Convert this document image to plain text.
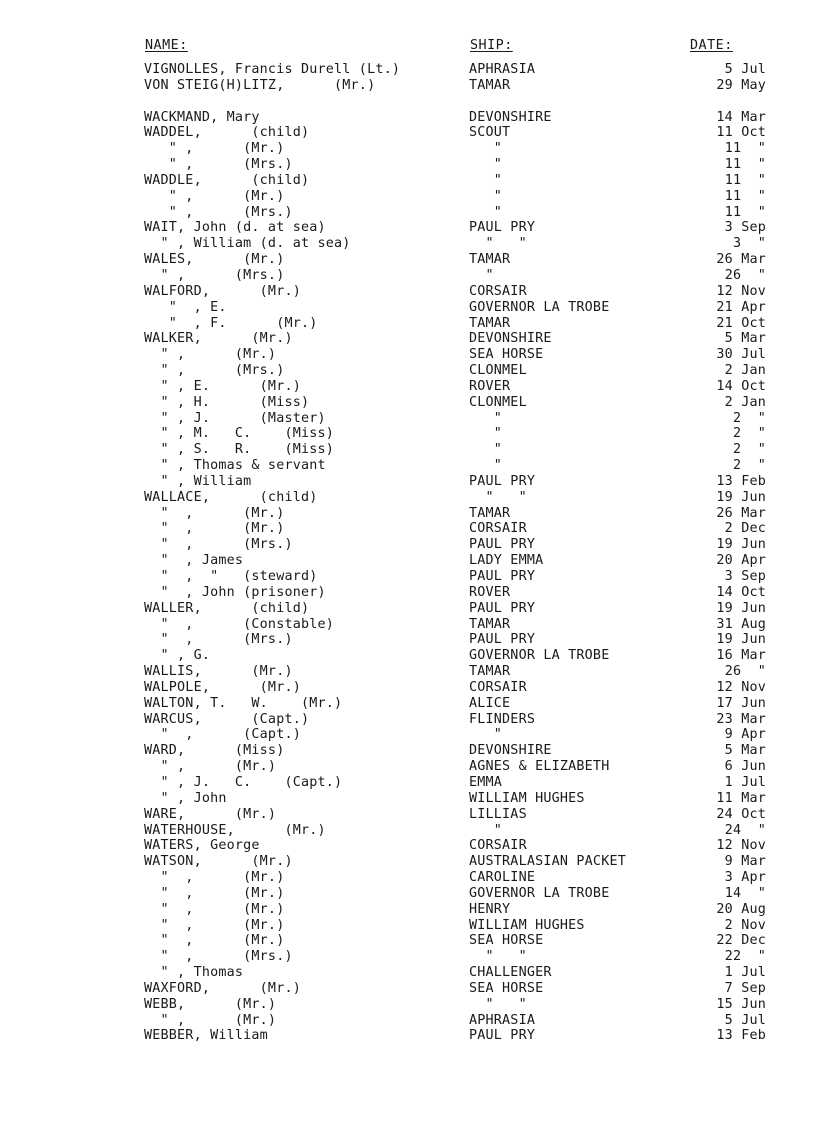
NAME:	SHIP:	DATE:
VIGNOLLES, Francis Durell (Lt.)
VON STEIG(H)LITZ,      (Mr.)
WACKMAND, Mary
WADDEL,      (child)
" ,      (Mr.)
" ,      (Mrs.)
WADDLE,      (child)
" ,      (Mr.)
" ,      (Mrs.)
WAIT, John (d. at sea)
" , William (d. at sea)
WALES,      (Mr.)
" ,      (Mrs.)
WALFORD,      (Mr.)
"  , E.
"  , F.      (Mr.)
WALKER,      (Mr.)
" ,      (Mr.)
" ,      (Mrs.)
" , E.      (Mr.)
" , H.      (Miss)
" , J.      (Master)
" , M.   C.    (Miss)
" , S.   R.    (Miss)
" , Thomas & servant
" , William
WALLACE,      (child)
"  ,      (Mr.)
"  ,      (Mr.)
"  ,      (Mrs.)
"  , James
"  ,  "   (steward)
"  , John (prisoner)
WALLER,      (child)
"  ,      (Constable)
"  ,      (Mrs.)
" , G.
WALLIS,      (Mr.)
WALPOLE,      (Mr.)
WALTON, T.   W.    (Mr.)
WARCUS,      (Capt.)
"  ,      (Capt.)
WARD,      (Miss)
" ,      (Mr.)
" , J.   C.    (Capt.)
" , John
WARE,      (Mr.)
WATERHOUSE,      (Mr.)
WATERS, George
WATSON,      (Mr.)
"  ,      (Mr.)
"  ,      (Mr.)
"  ,      (Mr.)
"  ,      (Mr.)
"  ,      (Mr.)
"  ,      (Mrs.)
" , Thomas
WAXFORD,      (Mr.)
WEBB,      (Mr.)
" ,      (Mr.)
WEBBER, William
APHRASIA
TAMAR
DEVONSHIRE
SCOUT
"
"
"
"
"
PAUL PRY
"   "
TAMAR
"
CORSAIR
GOVERNOR LA TROBE
TAMAR
DEVONSHIRE
SEA HORSE
CLONMEL
ROVER
CLONMEL
"
"
"
"
PAUL PRY
"   "
TAMAR
CORSAIR
PAUL PRY
LADY EMMA
PAUL PRY
ROVER
PAUL PRY
TAMAR
PAUL PRY
GOVERNOR LA TROBE
TAMAR
CORSAIR
ALICE
FLINDERS
"
DEVONSHIRE
AGNES & ELIZABETH
EMMA
WILLIAM HUGHES
LILLIAS
"
CORSAIR
AUSTRALASIAN PACKET
CAROLINE
GOVERNOR LA TROBE
HENRY
WILLIAM HUGHES
SEA HORSE
"   "
CHALLENGER
SEA HORSE
"   "
APHRASIA
PAUL PRY
5 Jul
29 May
14 Mar
11 Oct
11  "
11  "
11  "
11  "
11  "
3 Sep
3  "
26 Mar
26  "
12 Nov
21 Apr
21 Oct
5 Mar
30 Jul
2 Jan
14 Oct
2 Jan
2  "
2  "
2  "
2  "
13 Feb
19 Jun
26 Mar
2 Dec
19 Jun
20 Apr
3 Sep
14 Oct
19 Jun
31 Aug
19 Jun
16 Mar
26  "
12 Nov
17 Jun
23 Mar
9 Apr
5 Mar
6 Jun
1 Jul
11 Mar
24 Oct
24  "
12 Nov
9 Mar
3 Apr
14  "
20 Aug
2 Nov
22 Dec
22  "
1 Jul
7 Sep
15 Jun
5 Jul
13 Feb
